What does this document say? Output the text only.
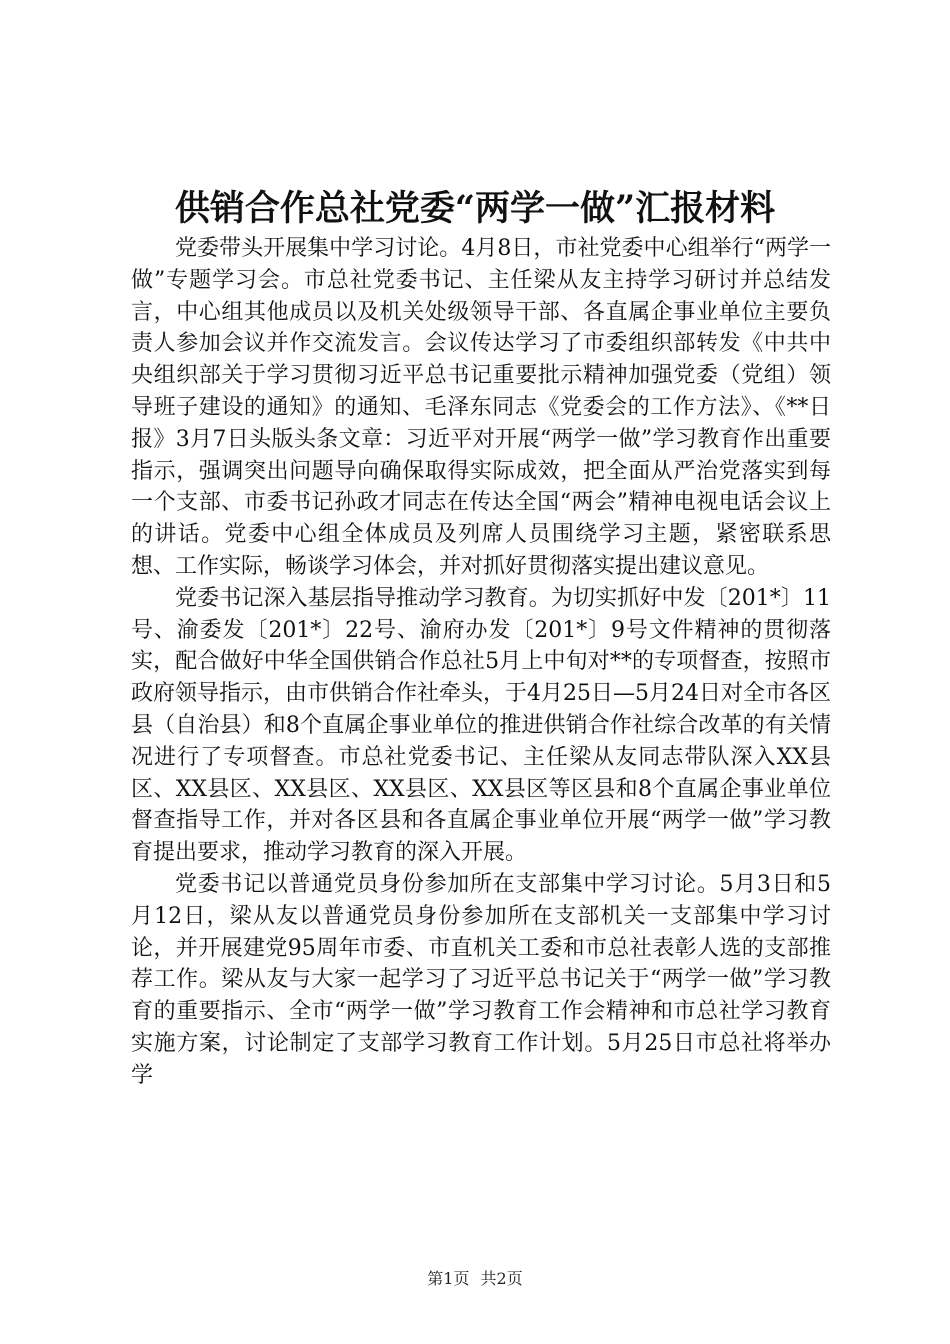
供销合作总社党委“两学一做”汇报材料

党委带头开展集中学习讨论。4月8日，市社党委中心组举行“两学一做”专题学习会。市总社党委书记、主任梁从友主持学习研讨并总结发言，中心组其他成员以及机关处级领导干部、各直属企事业单位主要负责人参加会议并作交流发言。会议传达学习了市委组织部转发《中共中央组织部关于学习贯彻习近平总书记重要批示精神加强党委（党组）领导班子建设的通知》的通知、毛泽东同志《党委会的工作方法》、《**日报》3月7日头版头条文章：习近平对开展“两学一做”学习教育作出重要指示，强调突出问题导向确保取得实际成效，把全面从严治党落实到每一个支部、市委书记孙政才同志在传达全国“两会”精神电视电话会议上的讲话。党委中心组全体成员及列席人员围绕学习主题，紧密联系思想、工作实际，畅谈学习体会，并对抓好贯彻落实提出建议意见。

党委书记深入基层指导推动学习教育。为切实抓好中发〔201*〕11号、渝委发〔201*〕22号、渝府办发〔201*〕9号文件精神的贯彻落实，配合做好中华全国供销合作总社5月上中旬对**的专项督查，按照市政府领导指示，由市供销合作社牵头，于4月25日—5月24日对全市各区县（自治县）和8个直属企事业单位的推进供销合作社综合改革的有关情况进行了专项督查。市总社党委书记、主任梁从友同志带队深入XX县区、XX县区、XX县区、XX县区、XX县区等区县和8个直属企事业单位督查指导工作，并对各区县和各直属企事业单位开展“两学一做”学习教育提出要求，推动学习教育的深入开展。

党委书记以普通党员身份参加所在支部集中学习讨论。5月3日和5月12日，梁从友以普通党员身份参加所在支部机关一支部集中学习讨论，并开展建党95周年市委、市直机关工委和市总社表彰人选的支部推荐工作。梁从友与大家一起学习了习近平总书记关于“两学一做”学习教育的重要指示、全市“两学一做”学习教育工作会精神和市总社学习教育实施方案，讨论制定了支部学习教育工作计划。5月25日市总社将举办学

第1页 共2页
